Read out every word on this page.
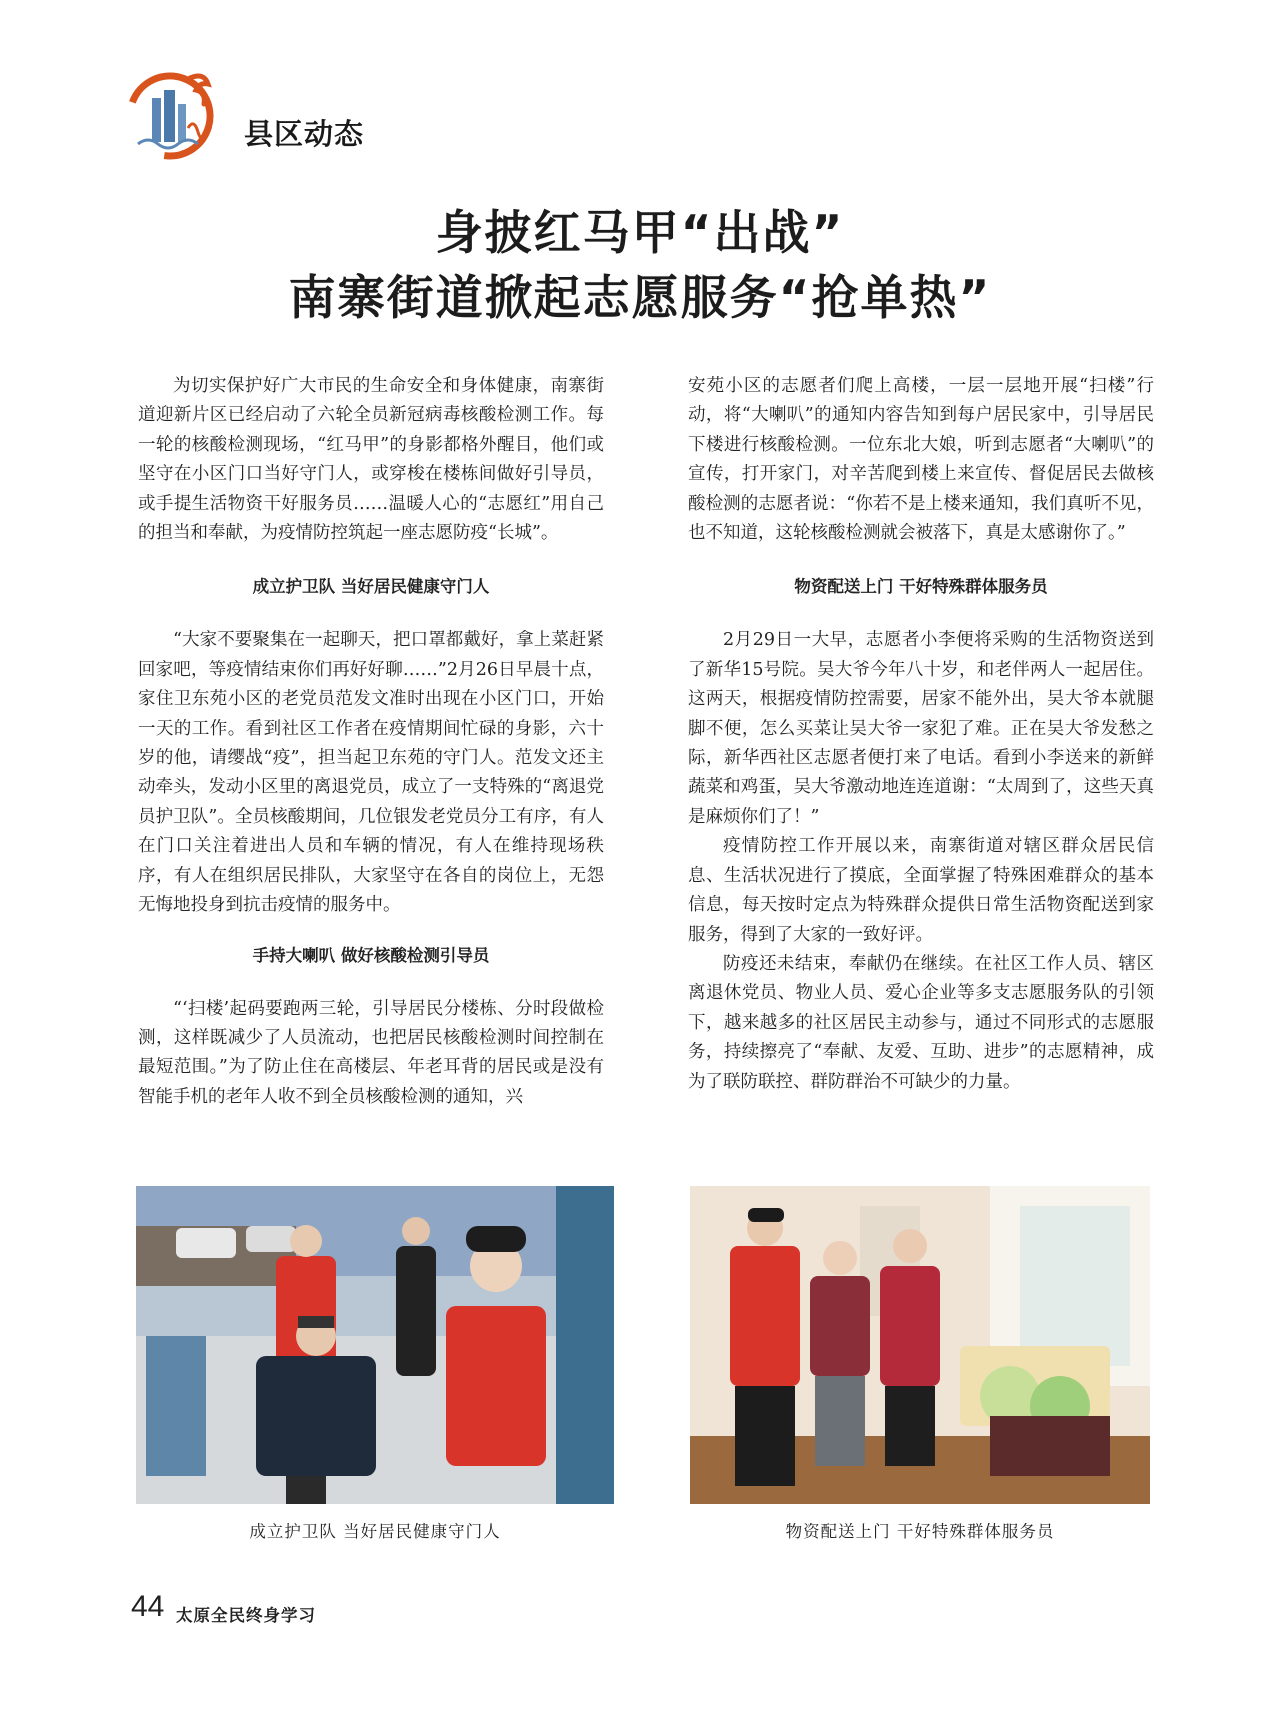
县区动态
身披红马甲“出战”
南寨街道掀起志愿服务“抢单热”

为切实保护好广大市民的生命安全和身体健康，南寨街道迎新片区已经启动了六轮全员新冠病毒核酸检测工作。每一轮的核酸检测现场，“红马甲”的身影都格外醒目，他们或坚守在小区门口当好守门人，或穿梭在楼栋间做好引导员，或手提生活物资干好服务员……温暖人心的“志愿红”用自己的担当和奉献，为疫情防控筑起一座志愿防疫“长城”。

成立护卫队 当好居民健康守门人

“大家不要聚集在一起聊天，把口罩都戴好，拿上菜赶紧回家吧，等疫情结束你们再好好聊……”2月26日早晨十点，家住卫东苑小区的老党员范发文准时出现在小区门口，开始一天的工作。看到社区工作者在疫情期间忙碌的身影，六十岁的他，请缨战“疫”，担当起卫东苑的守门人。范发文还主动牵头，发动小区里的离退党员，成立了一支特殊的“离退党员护卫队”。全员核酸期间，几位银发老党员分工有序，有人在门口关注着进出人员和车辆的情况，有人在维持现场秩序，有人在组织居民排队，大家坚守在各自的岗位上，无怨无悔地投身到抗击疫情的服务中。

手持大喇叭 做好核酸检测引导员

“‘扫楼’起码要跑两三轮，引导居民分楼栋、分时段做检测，这样既减少了人员流动，也把居民核酸检测时间控制在最短范围。”为了防止住在高楼层、年老耳背的居民或是没有智能手机的老年人收不到全员核酸检测的通知，兴

安苑小区的志愿者们爬上高楼，一层一层地开展“扫楼”行动，将“大喇叭”的通知内容告知到每户居民家中，引导居民下楼进行核酸检测。一位东北大娘，听到志愿者“大喇叭”的宣传，打开家门，对辛苦爬到楼上来宣传、督促居民去做核酸检测的志愿者说：“你若不是上楼来通知，我们真听不见，也不知道，这轮核酸检测就会被落下，真是太感谢你了。”

物资配送上门 干好特殊群体服务员

2月29日一大早，志愿者小李便将采购的生活物资送到了新华15号院。吴大爷今年八十岁，和老伴两人一起居住。这两天，根据疫情防控需要，居家不能外出，吴大爷本就腿脚不便，怎么买菜让吴大爷一家犯了难。正在吴大爷发愁之际，新华西社区志愿者便打来了电话。看到小李送来的新鲜蔬菜和鸡蛋，吴大爷激动地连连道谢：“太周到了，这些天真是麻烦你们了！”

疫情防控工作开展以来，南寨街道对辖区群众居民信息、生活状况进行了摸底，全面掌握了特殊困难群众的基本信息，每天按时定点为特殊群众提供日常生活物资配送到家服务，得到了大家的一致好评。

防疫还未结束，奉献仍在继续。在社区工作人员、辖区离退休党员、物业人员、爱心企业等多支志愿服务队的引领下，越来越多的社区居民主动参与，通过不同形式的志愿服务，持续擦亮了“奉献、友爱、互助、进步”的志愿精神，成为了联防联控、群防群治不可缺少的力量。

成立护卫队 当好居民健康守门人	物资配送上门 干好特殊群体服务员
44 太原全民终身学习
